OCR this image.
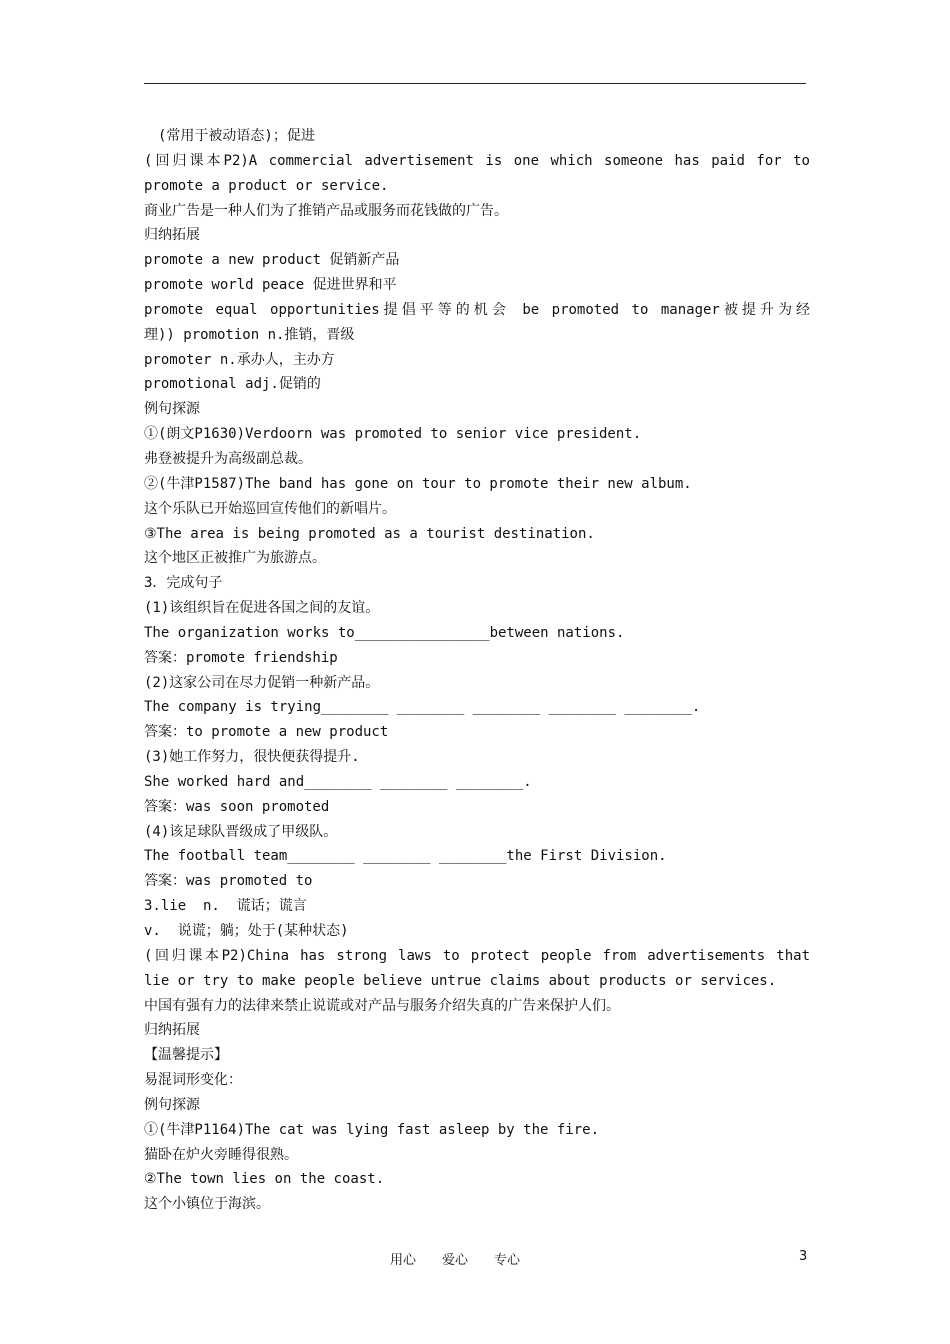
　(常用于被动语态)；促进
(回归课本P2)A commercial advertisement is one which someone has paid for to
promote a product or service.
商业广告是一种人们为了推销产品或服务而花钱做的广告。
归纳拓展
promote a new product 促销新产品
promote world peace 促进世界和平
promote equal opportunities提倡平等的机会 be promoted to manager被提升为经
理)) promotion n.推销，晋级
promoter n.承办人，主办方
promotional adj.促销的
例句探源
①(朗文P1630)Verdoorn was promoted to senior vice president.
弗登被提升为高级副总裁。
②(牛津P1587)The band has gone on tour to promote their new album.
这个乐队已开始巡回宣传他们的新唱片。
③The area is being promoted as a tourist destination.
这个地区正被推广为旅游点。
3．完成句子
(1)该组织旨在促进各国之间的友谊。
The organization works to________________between nations.
答案：promote friendship
(2)这家公司在尽力促销一种新产品。
The company is trying________ ________ ________ ________ ________.
答案：to promote a new product
(3)她工作努力，很快便获得提升.
She worked hard and________ ________ ________.
答案：was soon promoted
(4)该足球队晋级成了甲级队。
The football team________ ________ ________the First Division.
答案：was promoted to
3.lie  n.  谎话；谎言
v.  说谎；躺；处于(某种状态)
(回归课本P2)China has strong laws to protect people from advertisements that
lie or try to make people believe untrue claims about products or services.
中国有强有力的法律来禁止说谎或对产品与服务介绍失真的广告来保护人们。
归纳拓展
【温馨提示】
易混词形变化：
例句探源
①(牛津P1164)The cat was lying fast asleep by the fire.
猫卧在炉火旁睡得很熟。
②The town lies on the coast.
这个小镇位于海滨。
用心 爱心 专心	3
